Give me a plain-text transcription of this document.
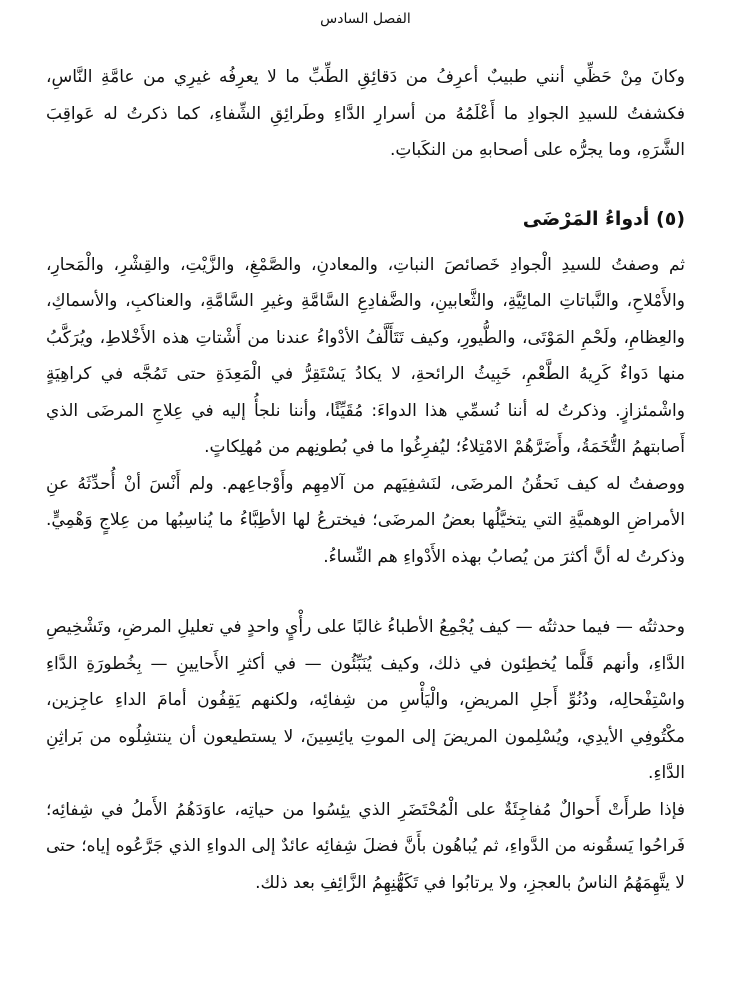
الفصل السادس

وكانَ مِنْ حَظِّي أنني طبيبٌ أعرِفُ من دَقائِقِ الطِّبِّ ما لا يعرِفُه غيرِي من عامَّةِ النَّاسِ، فكشفتُ للسيدِ الجوادِ ما أَعْلَمُهُ من أسرارِ الدَّاءِ وطَرائِقِ الشِّفاءِ، كما ذكرتُ له عَواقِبَ الشَّرَهِ، وما يجرُّه على أصحابهِ من النكَباتِ.

(٥) أدواءُ المَرْضَى

ثم وصفتُ للسيدِ الْجوادِ خَصائصَ النباتِ، والمعادنِ، والصَّمْغِ، والزَّيْتِ، والقِشْرِ، والْمَحارِ، والأَمْلاحِ، والنَّباتاتِ المائِيَّةِ، والثَّعابينِ، والضَّفادِعِ السَّامَّةِ وغيرِ السَّامَّةِ، والعناكبِ، والأسماكِ، والعِظامِ، ولَحْمِ المَوْتَى، والطُّيورِ، وكيف تَتَأَلَّفُ الأدْواءُ عندنا من أَشْتاتِ هذه الأَخْلاطِ، ويُرَكَّبُ منها دَواءٌ كَرِيهُ الطَّعْمِ، خَبِيثُ الرائحةِ، لا يكادُ يَسْتَقِرُّ في الْمَعِدَةِ حتى تَمُجَّه في كراهِيَةٍ واشْمئزازٍ. وذكرتُ له أننا نُسمِّي هذا الدواءَ: مُقَيِّئًا، وأننا نلجأُ إليه في عِلاجِ المرضَى الذي أَصابتهمُ التُّخَمَةُ، وأَضَرَّهُمْ الامْتِلاءُ؛ ليُفرِغُوا ما في بُطونِهم من مُهلِكاتٍ.

ووصفتُ له كيف نَحقُنُ المرضَى، لنَشفِيَهم من آلامِهِم وأَوْجاعِهم. ولم أَنْسَ أنْ أُحدِّثَهُ عنِ الأمراضِ الوهميَّةِ التي يتخيَّلُها بعضُ المرضَى؛ فيخترعُ لها الأطِبَّاءُ ما يُناسِبُها من عِلاجٍ وَهْمِيٍّ. وذكرتُ له أنَّ أكثرَ من يُصابُ بهذه الأَدْواءِ هم النِّساءُ.

وحدثتُه — فيما حدثتُه — كيف يُجْمِعُ الأطباءُ غالبًا على رأْيٍ واحدٍ في تعليلِ المرضِ، وتَشْخِيصِ الدَّاءِ، وأنهم قَلَّما يُخطِئون في ذلك، وكيف يُنَبِّئُون — في أكثرِ الأَحايينِ — بِخُطورَةِ الدَّاءِ واسْتِفْحالِه، ودُنُوِّ أَجلِ المريضِ، والْيَأْسِ من شِفائِه، ولكنهم يَقِفُون أمامَ الداءِ عاجِزين، مكْتُوفِي الأيدِي، ويُسْلِمون المريضَ إلى الموتِ يائِسِينَ، لا يستطيعون أن ينتشِلُوه من بَراثِنِ الدَّاءِ.

فإذا طرأَتْ أَحوالٌ مُفاجِئَةٌ على الْمُحْتَضَرِ الذي يئِسُوا من حياتِه، عاوَدَهُمُ الأَملُ في شِفائِه؛ فَراحُوا يَسقُونه من الدَّواءِ، ثم يُباهُون بأَنَّ فضلَ شِفائِه عائدٌ إلى الدواءِ الذي جَرَّعُوه إياه؛ حتى لا يتَّهِمَهُمُ الناسُ بالعجزِ، ولا يرتابُوا في تَكَهُّنِهِمُ الزَّائِفِ بعد ذلك.
